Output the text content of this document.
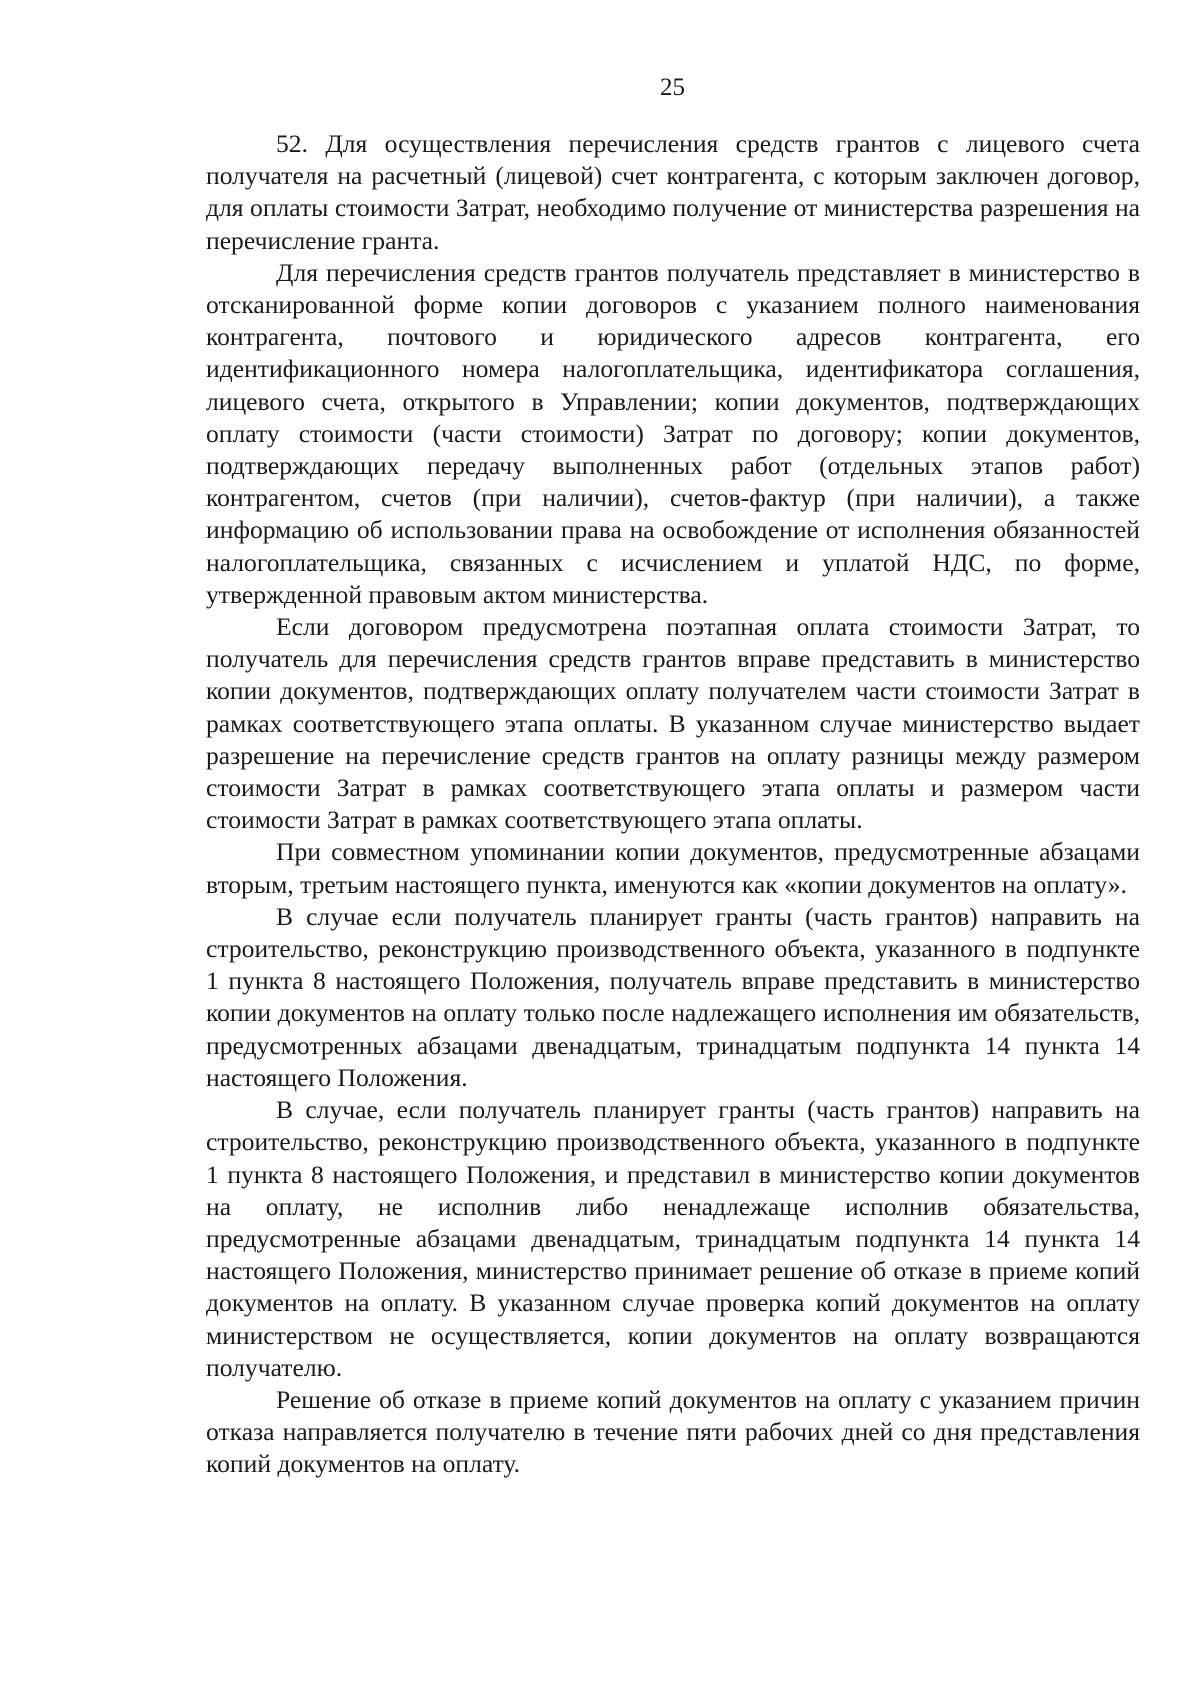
25

52. Для осуществления перечисления средств грантов с лицевого счета получателя на расчетный (лицевой) счет контрагента, с которым заключен договор, для оплаты стоимости Затрат, необходимо получение от министерства разрешения на перечисление гранта.

Для перечисления средств грантов получатель представляет в министерство в отсканированной форме копии договоров с указанием полного наименования контрагента, почтового и юридического адресов контрагента, его идентификационного номера налогоплательщика, идентификатора соглашения, лицевого счета, открытого в Управлении; копии документов, подтверждающих оплату стоимости (части стоимости) Затрат по договору; копии документов, подтверждающих передачу выполненных работ (отдельных этапов работ) контрагентом, счетов (при наличии), счетов-фактур (при наличии), а также информацию об использовании права на освобождение от исполнения обязанностей налогоплательщика, связанных с исчислением и уплатой НДС, по форме, утвержденной правовым актом министерства.

Если договором предусмотрена поэтапная оплата стоимости Затрат, то получатель для перечисления средств грантов вправе представить в министерство копии документов, подтверждающих оплату получателем части стоимости Затрат в рамках соответствующего этапа оплаты. В указанном случае министерство выдает разрешение на перечисление средств грантов на оплату разницы между размером стоимости Затрат в рамках соответствующего этапа оплаты и размером части стоимости Затрат в рамках соответствующего этапа оплаты.

При совместном упоминании копии документов, предусмотренные абзацами вторым, третьим настоящего пункта, именуются как «копии документов на оплату».

В случае если получатель планирует гранты (часть грантов) направить на строительство, реконструкцию производственного объекта, указанного в подпункте 1 пункта 8 настоящего Положения, получатель вправе представить в министерство копии документов на оплату только после надлежащего исполнения им обязательств, предусмотренных абзацами двенадцатым, тринадцатым подпункта 14 пункта 14 настоящего Положения.

В случае, если получатель планирует гранты (часть грантов) направить на строительство, реконструкцию производственного объекта, указанного в подпункте 1 пункта 8 настоящего Положения, и представил в министерство копии документов на оплату, не исполнив либо ненадлежаще исполнив обязательства, предусмотренные абзацами двенадцатым, тринадцатым подпункта 14 пункта 14 настоящего Положения, министерство принимает решение об отказе в приеме копий документов на оплату. В указанном случае проверка копий документов на оплату министерством не осуществляется, копии документов на оплату возвращаются получателю.

Решение об отказе в приеме копий документов на оплату с указанием причин отказа направляется получателю в течение пяти рабочих дней со дня представления копий документов на оплату.
